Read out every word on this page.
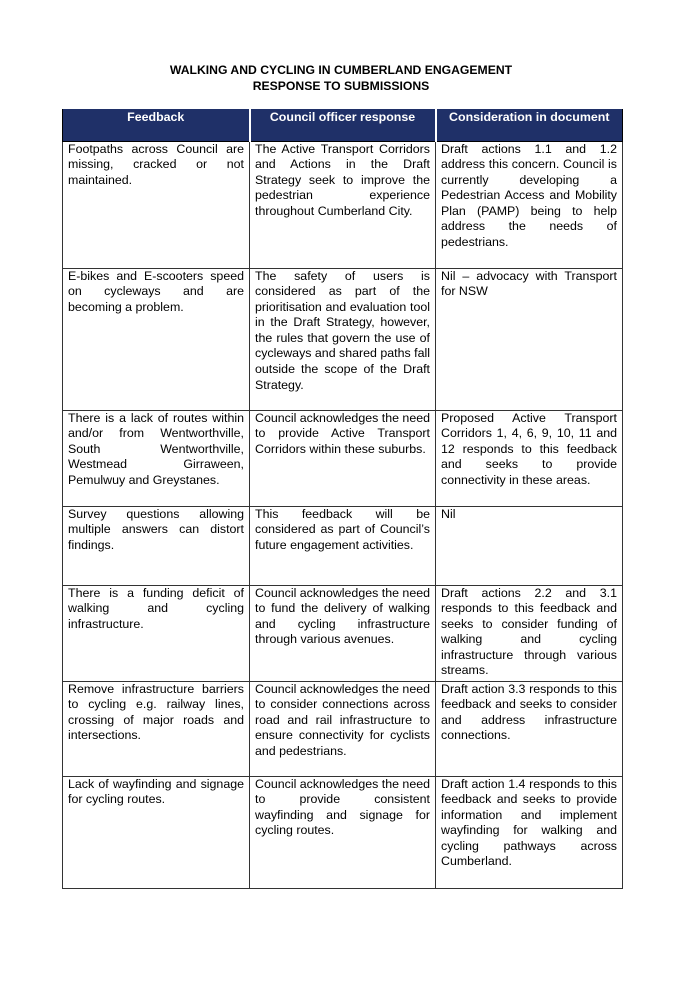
WALKING AND CYCLING IN CUMBERLAND ENGAGEMENT
RESPONSE TO SUBMISSIONS
Feedback	Council officer response	Consideration in document
Footpaths across Council are missing, cracked or not maintained.	The Active Transport Corridors and Actions in the Draft Strategy seek to improve the pedestrian experience throughout Cumberland City.	Draft actions 1.1 and 1.2 address this concern. Council is currently developing a Pedestrian Access and Mobility Plan (PAMP) being to help address the needs of pedestrians.
E-bikes and E-scooters speed on cycleways and are becoming a problem.	The safety of users is considered as part of the prioritisation and evaluation tool in the Draft Strategy, however, the rules that govern the use of cycleways and shared paths fall outside the scope of the Draft Strategy.	Nil – advocacy with Transport for NSW
There is a lack of routes within and/or from Wentworthville, South Wentworthville, Westmead Girraween, Pemulwuy and Greystanes.	Council acknowledges the need to provide Active Transport Corridors within these suburbs.	Proposed Active Transport Corridors 1, 4, 6, 9, 10, 11 and 12 responds to this feedback and seeks to provide connectivity in these areas.
Survey questions allowing multiple answers can distort findings.	This feedback will be considered as part of Council’s future engagement activities.	Nil
There is a funding deficit of walking and cycling infrastructure.	Council acknowledges the need to fund the delivery of walking and cycling infrastructure through various avenues.	Draft actions 2.2 and 3.1 responds to this feedback and seeks to consider funding of walking and cycling infrastructure through various streams.
Remove infrastructure barriers to cycling e.g. railway lines, crossing of major roads and intersections.	Council acknowledges the need to consider connections across road and rail infrastructure to ensure connectivity for cyclists and pedestrians.	Draft action 3.3 responds to this feedback and seeks to consider and address infrastructure connections.
Lack of wayfinding and signage for cycling routes.	Council acknowledges the need to provide consistent wayfinding and signage for cycling routes.	Draft action 1.4 responds to this feedback and seeks to provide information and implement wayfinding for walking and cycling pathways across Cumberland.
